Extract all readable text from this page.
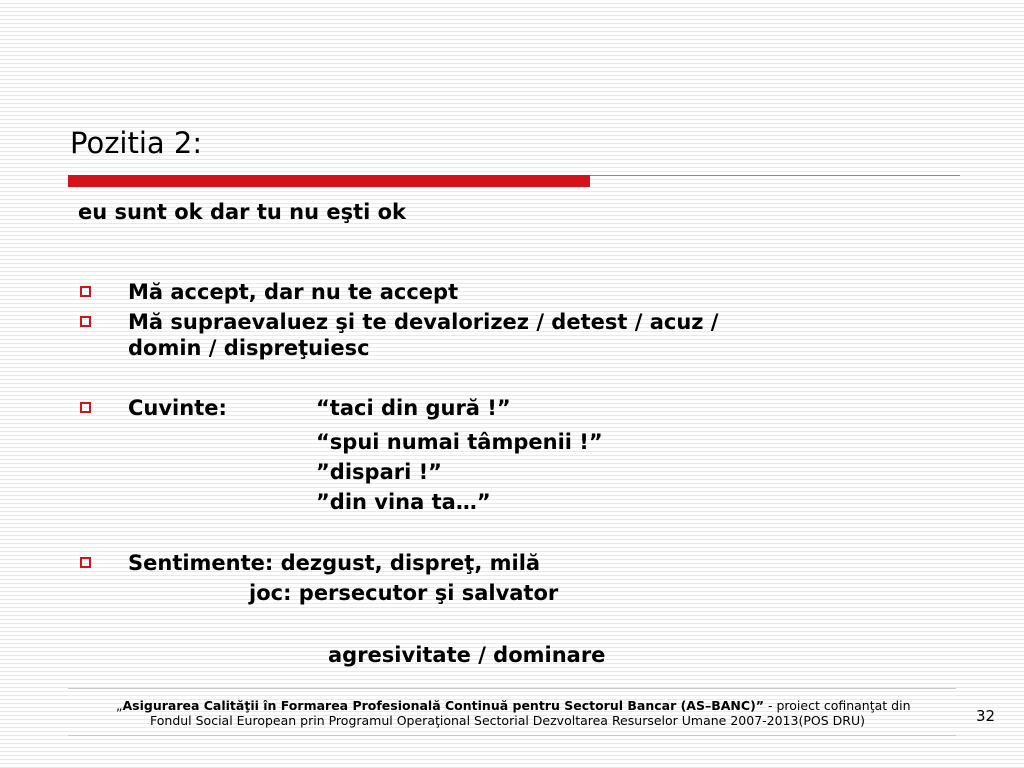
Pozitia 2:
eu sunt ok dar tu nu eşti ok
Mă accept, dar nu te accept
Mă supraevaluez şi te devalorizez / detest / acuz /
domin / dispreţuiesc
Cuvinte:	“taci din gură !”
“spui numai tâmpenii !”
”dispari !”
”din vina ta…”
Sentimente: dezgust, dispreţ, milă
joc: persecutor şi salvator
agresivitate / dominare
„Asigurarea Calităţii în Formarea Profesională Continuă pentru Sectorul Bancar (AS–BANC)” - proiect cofinanţat din
Fondul Social European prin Programul Operaţional Sectorial Dezvoltarea Resurselor Umane 2007-2013(POS DRU)	32
